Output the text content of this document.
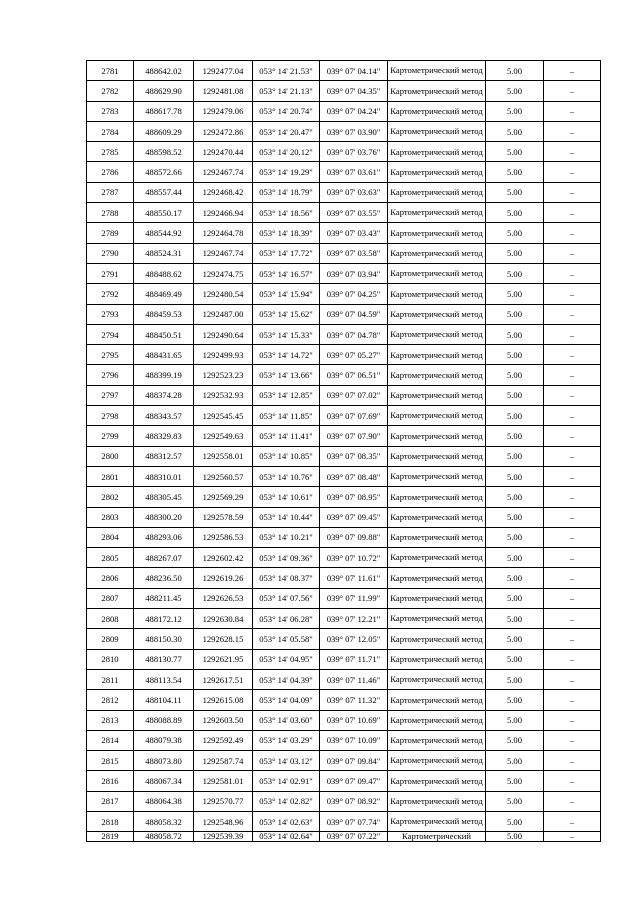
2781	488642.02	1292477.04	053° 14' 21.53"	039° 07' 04.14"	Картометрический метод	5.00	–
2782	488629.90	1292481.08	053° 14' 21.13"	039° 07' 04.35"	Картометрический метод	5.00	–
2783	488617.78	1292479.06	053° 14' 20.74"	039° 07' 04.24"	Картометрический метод	5.00	–
2784	488609.29	1292472.86	053° 14' 20.47"	039° 07' 03.90"	Картометрический метод	5.00	–
2785	488598.52	1292470.44	053° 14' 20.12"	039° 07' 03.76"	Картометрический метод	5.00	–
2786	488572.66	1292467.74	053° 14' 19.29"	039° 07' 03.61"	Картометрический метод	5.00	–
2787	488557.44	1292468.42	053° 14' 18.79"	039° 07' 03.63"	Картометрический метод	5.00	–
2788	488550.17	1292466.94	053° 14' 18.56"	039° 07' 03.55"	Картометрический метод	5.00	–
2789	488544.92	1292464.78	053° 14' 18.39"	039° 07' 03.43"	Картометрический метод	5.00	–
2790	488524.31	1292467.74	053° 14' 17.72"	039° 07' 03.58"	Картометрический метод	5.00	–
2791	488488.62	1292474.75	053° 14' 16.57"	039° 07' 03.94"	Картометрический метод	5.00	–
2792	488469.49	1292480.54	053° 14' 15.94"	039° 07' 04.25"	Картометрический метод	5.00	–
2793	488459.53	1292487.00	053° 14' 15.62"	039° 07' 04.59"	Картометрический метод	5.00	–
2794	488450.51	1292490.64	053° 14' 15.33"	039° 07' 04.78"	Картометрический метод	5.00	–
2795	488431.65	1292499.93	053° 14' 14.72"	039° 07' 05.27"	Картометрический метод	5.00	–
2796	488399.19	1292523.23	053° 14' 13.66"	039° 07' 06.51"	Картометрический метод	5.00	–
2797	488374.28	1292532.93	053° 14' 12.85"	039° 07' 07.02"	Картометрический метод	5.00	–
2798	488343.57	1292545.45	053° 14' 11.85"	039° 07' 07.69"	Картометрический метод	5.00	–
2799	488329.83	1292549.63	053° 14' 11.41"	039° 07' 07.90"	Картометрический метод	5.00	–
2800	488312.57	1292558.01	053° 14' 10.85"	039° 07' 08.35"	Картометрический метод	5.00	–
2801	488310.01	1292560.57	053° 14' 10.76"	039° 07' 08.48"	Картометрический метод	5.00	–
2802	488305.45	1292569.29	053° 14' 10.61"	039° 07' 08.95"	Картометрический метод	5.00	–
2803	488300.20	1292578.59	053° 14' 10.44"	039° 07' 09.45"	Картометрический метод	5.00	–
2804	488293.06	1292586.53	053° 14' 10.21"	039° 07' 09.88"	Картометрический метод	5.00	–
2805	488267.07	1292602.42	053° 14' 09.36"	039° 07' 10.72"	Картометрический метод	5.00	–
2806	488236.50	1292619.26	053° 14' 08.37"	039° 07' 11.61"	Картометрический метод	5.00	–
2807	488211.45	1292626.53	053° 14' 07.56"	039° 07' 11.99"	Картометрический метод	5.00	–
2808	488172.12	1292630.84	053° 14' 06.28"	039° 07' 12.21"	Картометрический метод	5.00	–
2809	488150.30	1292628.15	053° 14' 05.58"	039° 07' 12.05"	Картометрический метод	5.00	–
2810	488130.77	1292621.95	053° 14' 04.95"	039° 07' 11.71"	Картометрический метод	5.00	–
2811	488113.54	1292617.51	053° 14' 04.39"	039° 07' 11.46"	Картометрический метод	5.00	–
2812	488104.11	1292615.08	053° 14' 04.09"	039° 07' 11.32"	Картометрический метод	5.00	–
2813	488088.89	1292603.50	053° 14' 03.60"	039° 07' 10.69"	Картометрический метод	5.00	–
2814	488079.38	1292592.49	053° 14' 03.29"	039° 07' 10.09"	Картометрический метод	5.00	–
2815	488073.80	1292587.74	053° 14' 03.12"	039° 07' 09.84"	Картометрический метод	5.00	–
2816	488067.34	1292581.01	053° 14' 02.91"	039° 07' 09.47"	Картометрический метод	5.00	–
2817	488064.38	1292570.77	053° 14' 02.82"	039° 07' 08.92"	Картометрический метод	5.00	–
2818	488058.32	1292548.96	053° 14' 02.63"	039° 07' 07.74"	Картометрический метод	5.00	–
2819	488058.72	1292539.39	053° 14' 02.64"	039° 07' 07.22"	Картометрический	5.00	–
